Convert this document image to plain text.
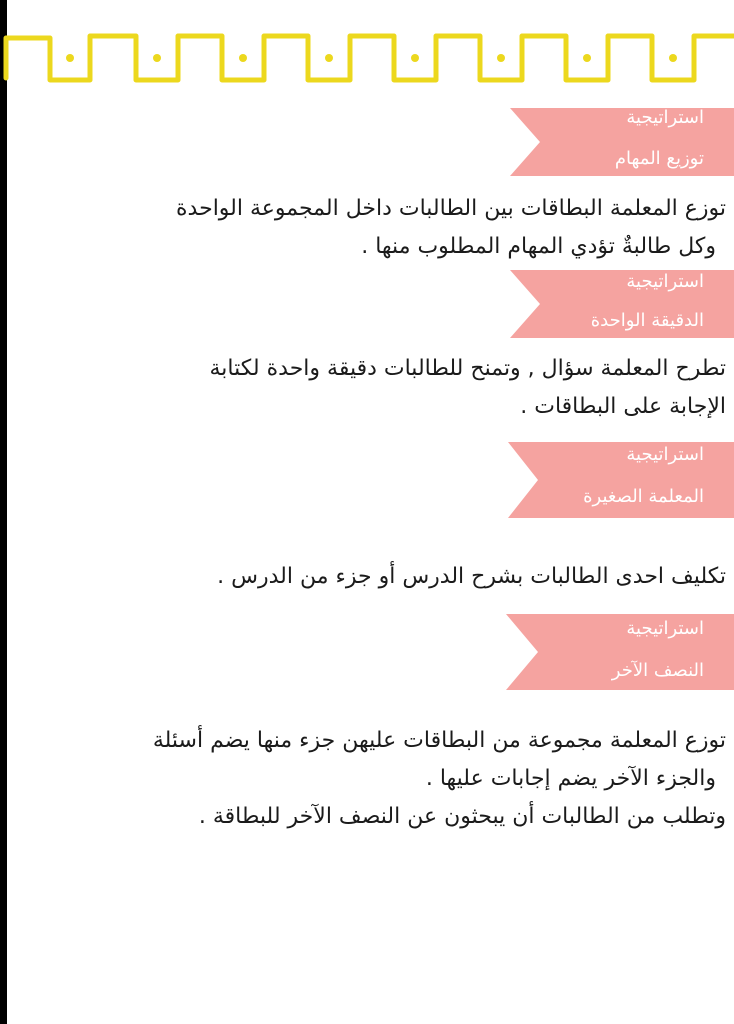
استراتيجية
توزيع المهام
توزع المعلمة البطاقات بين الطالبات داخل المجموعة الواحدة
وكل طالبةٌ تؤدي المهام المطلوب منها .
استراتيجية
الدقيقة الواحدة
تطرح المعلمة سؤال , وتمنح للطالبات دقيقة واحدة لكتابة
الإجابة على البطاقات .
استراتيجية
المعلمة الصغيرة
تكليف احدى الطالبات بشرح الدرس أو جزء من الدرس .
استراتيجية
النصف الآخر
توزع المعلمة مجموعة من البطاقات عليهن جزء منها يضم أسئلة
والجزء الآخر يضم إجابات عليها .
وتطلب من الطالبات أن يبحثون عن النصف الآخر للبطاقة .
